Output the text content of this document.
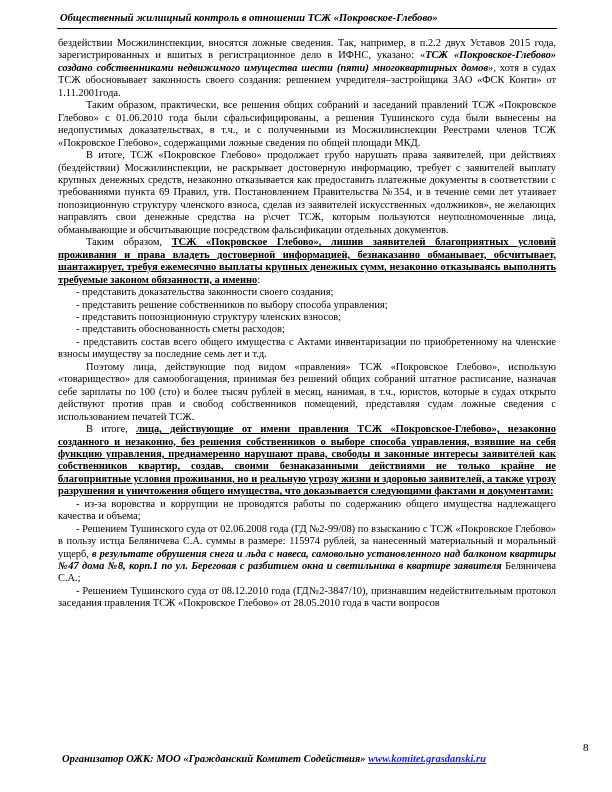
Общественный жилищный контроль в отношении ТСЖ «Покровское-Глебово»

бездействии Мосжилинспекции, вносятся ложные сведения. Так, например, в п.2.2 двух Уставов 2015 года, зарегистрированных и вшитых в регистрационное дело в ИФНС, указано: «ТСЖ «Покровское-Глебово» создано собственниками недвижимого имущества шести (пяти) многоквартирных домов», хотя в судах ТСЖ обосновывает законность своего создания: решением учредителя–застройщика ЗАО «ФСК Конти» от 1.11.2001года.

Таким образом, практически, все решения общих собраний и заседаний правлений ТСЖ «Покровское Глебово» с 01.06.2010 года были сфальсифицированы, а решения Тушинского суда были вынесены на недопустимых доказательствах, в т.ч., и с полученными из Мосжилинспекции Реестрами членов ТСЖ «Покровское Глебово», содержащими ложные сведения по общей площади МКД.

В итоге, ТСЖ «Покровское Глебово» продолжает грубо нарушать права заявителей, при действиях (бездействии) Мосжилинспекции, не раскрывает достоверную информацию, требует с заявителей выплату крупных денежных средств, незаконно отказывается как предоставить платежные документы в соответствии с требованиями пункта 69 Правил, утв. Постановлением Правительства №354, и в течение семи лет утаивает попозиционную структуру членского взноса, сделав из заявителей искусственных «должников», не желающих направлять свои денежные средства на р\счет ТСЖ, которым пользуются неуполномоченные лица, обманывающие и обсчитывающие посредством фальсификации отдельных документов.

Таким образом, ТСЖ «Покровское Глебово», лишив заявителей благоприятных условий проживания и права владеть достоверной информацией, безнаказанно обманывает, обсчитывает, шантажирует, требуя ежемесячно выплаты крупных денежных сумм, незаконно отказываясь выполнять требуемые законом обязанности, а именно:

- представить доказательства законности своего создания;

- представить решение собственников по выбору способа управления;

- представить попозиционную структуру членских взносов;

- представить обоснованность сметы расходов;

- представить состав всего общего имущества с Актами инвентаризации по приобретенному на членские взносы имуществу за последние семь лет и т.д.

Поэтому лица, действующие под видом «правления» ТСЖ «Покровское Глебово», использую «товарищество» для самообогащения, принимая без решений общих собраний штатное расписание, назначая себе зарплаты по 100 (сто) и более тысяч рублей в месяц, нанимая, в т.ч., юристов, которые в судах открыто действуют против прав и свобод собственников помещений, представляя судам ложные сведения с использованием печатей ТСЖ.

В итоге, лица, действующие от имени правления ТСЖ «Покровское-Глебово», незаконно созданного и незаконно, без решения собственников о выборе способа управления, взявшие на себя функцию управления, преднамеренно нарушают права, свободы и законные интересы заявителей как собственников квартир, создав, своими безнаказанными действиями не только крайне не благоприятные условия проживания, но и реальную угрозу жизни и здоровью заявителей, а также угрозу разрушения и уничтожения общего имущества, что доказывается следующими фактами и документами:

- из-за воровства и коррупции не проводятся работы по содержанию общего имущества надлежащего качества и объема;

- Решением Тушинского суда от 02.06.2008 года (ГД №2-99/08) по взысканию с ТСЖ «Покровское Глебово» в пользу истца Беляничева С.А. суммы в размере: 115974 рублей, за нанесенный материальный и моральный ущерб, в результате обрушения снега и льда с навеса, самовольно установленного над балконом квартиры №47 дома №8, корп.1 по ул. Береговая с разбитием окна и светильника в квартире заявителя Беляничева С.А.;

- Решением Тушинского суда от 08.12.2010 года (ГД№2-3847/10), признавшим недействительным протокол заседания правления ТСЖ «Покровское Глебово» от 28.05.2010 года в части вопросов

Организатор ОЖК: МОО «Гражданский Комитет Содействия» www.komitet.grasdanski.ru
8
